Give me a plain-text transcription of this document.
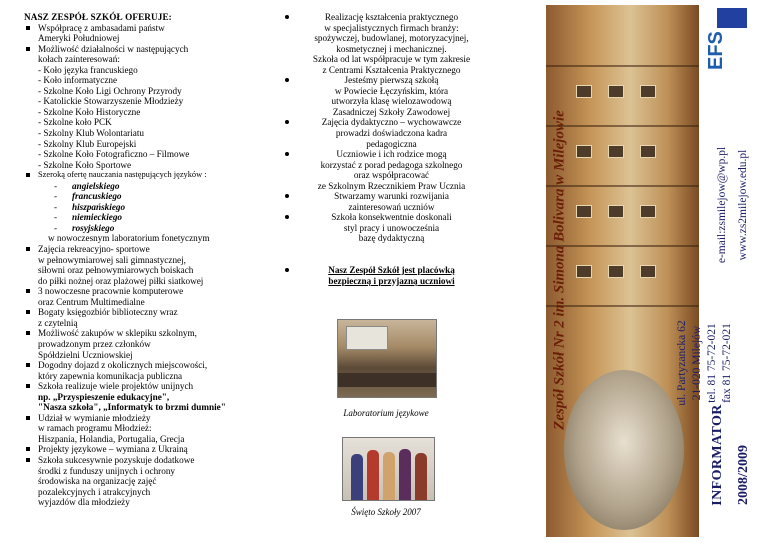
NASZ ZESPÓŁ SZKÓŁ OFERUJE:
Współpracę z ambasadami państw
Ameryki Południowej
Możliwość działalności w następujących
kołach zainteresowań:
- Koło języka francuskiego
- Koło informatyczne
- Szkolne Koło Ligi Ochrony Przyrody
- Katolickie Stowarzyszenie Młodzieży
- Szkolne Koło Historyczne
- Szkolne koło PCK
- Szkolny Klub Wolontariatu
- Szkolny Klub Europejski
- Szkolne Koło Fotograficzno – Filmowe
- Szkolne Koło Sportowe
Szeroką ofertę nauczania następujących języków :
- angielskiego
- francuskiego
- hiszpańskiego
- niemieckiego
- rosyjskiego
w nowoczesnym laboratorium fonetycznym
Zajęcia rekreacyjno- sportowe
w pełnowymiarowej sali gimnastycznej,
siłowni oraz pełnowymiarowych boiskach
do piłki nożnej oraz plażowej piłki siatkowej
3 nowoczesne pracownie komputerowe
oraz Centrum Multimedialne
Bogaty księgozbiór biblioteczny wraz
z czytelnią
Możliwość zakupów w sklepiku szkolnym,
prowadzonym przez członków
Spółdzielni Uczniowskiej
Dogodny dojazd z okolicznych miejscowości,
który zapewnia komunikacja publiczna
Szkoła realizuje wiele projektów unijnych
np. „Przyspieszenie edukacyjne",
"Nasza szkoła", „Informatyk to brzmi dumnie"
Udział w wymianie młodzieży
w ramach programu Młodzież:
Hiszpania, Holandia, Portugalia, Grecja
Projekty językowe – wymiana z Ukrainą
Szkoła sukcesywnie pozyskuje dodatkowe
środki z funduszy unijnych i ochrony
środowiska na organizację zajęć
pozalekcyjnych i atrakcyjnych
wyjazdów dla młodzieży
Realizację kształcenia praktycznego
w specjalistycznych firmach branży:
spożywczej, budowlanej, motoryzacyjnej,
kosmetycznej i mechanicznej.
Szkoła od lat współpracuje w tym zakresie
z Centrami Kształcenia Praktycznego
Jesteśmy pierwszą szkołą
w Powiecie Łęczyńskim, która
utworzyła klasę wielozawodową
Zasadniczej Szkoły Zawodowej
Zajęcia dydaktyczno – wychowawcze
prowadzi doświadczona kadra
pedagogiczna
Uczniowie i ich rodzice mogą
korzystać z porad pedagoga szkolnego
oraz współpracować
ze Szkolnym Rzecznikiem Praw Ucznia
Stwarzamy warunki rozwijania
zainteresowań uczniów
Szkoła konsekwentnie doskonali
styl pracy i unowocześnia
bazę dydaktyczną
Nasz Zespół Szkół jest placówką
bezpieczną i przyjazną uczniowi
Laboratorium językowe
Święto Szkoły 2007
Zespół Szkół Nr 2 im. Simona Bolivara w Milejowie	e-mail:zsmilejow@wp.pl www.zs2milejow.edu.pl
ul. Partyzancka 62 21-020 Milejów tel. 81 75-72-021 fax 81 75-72-021
INFORMATOR 2008/2009
EFS
